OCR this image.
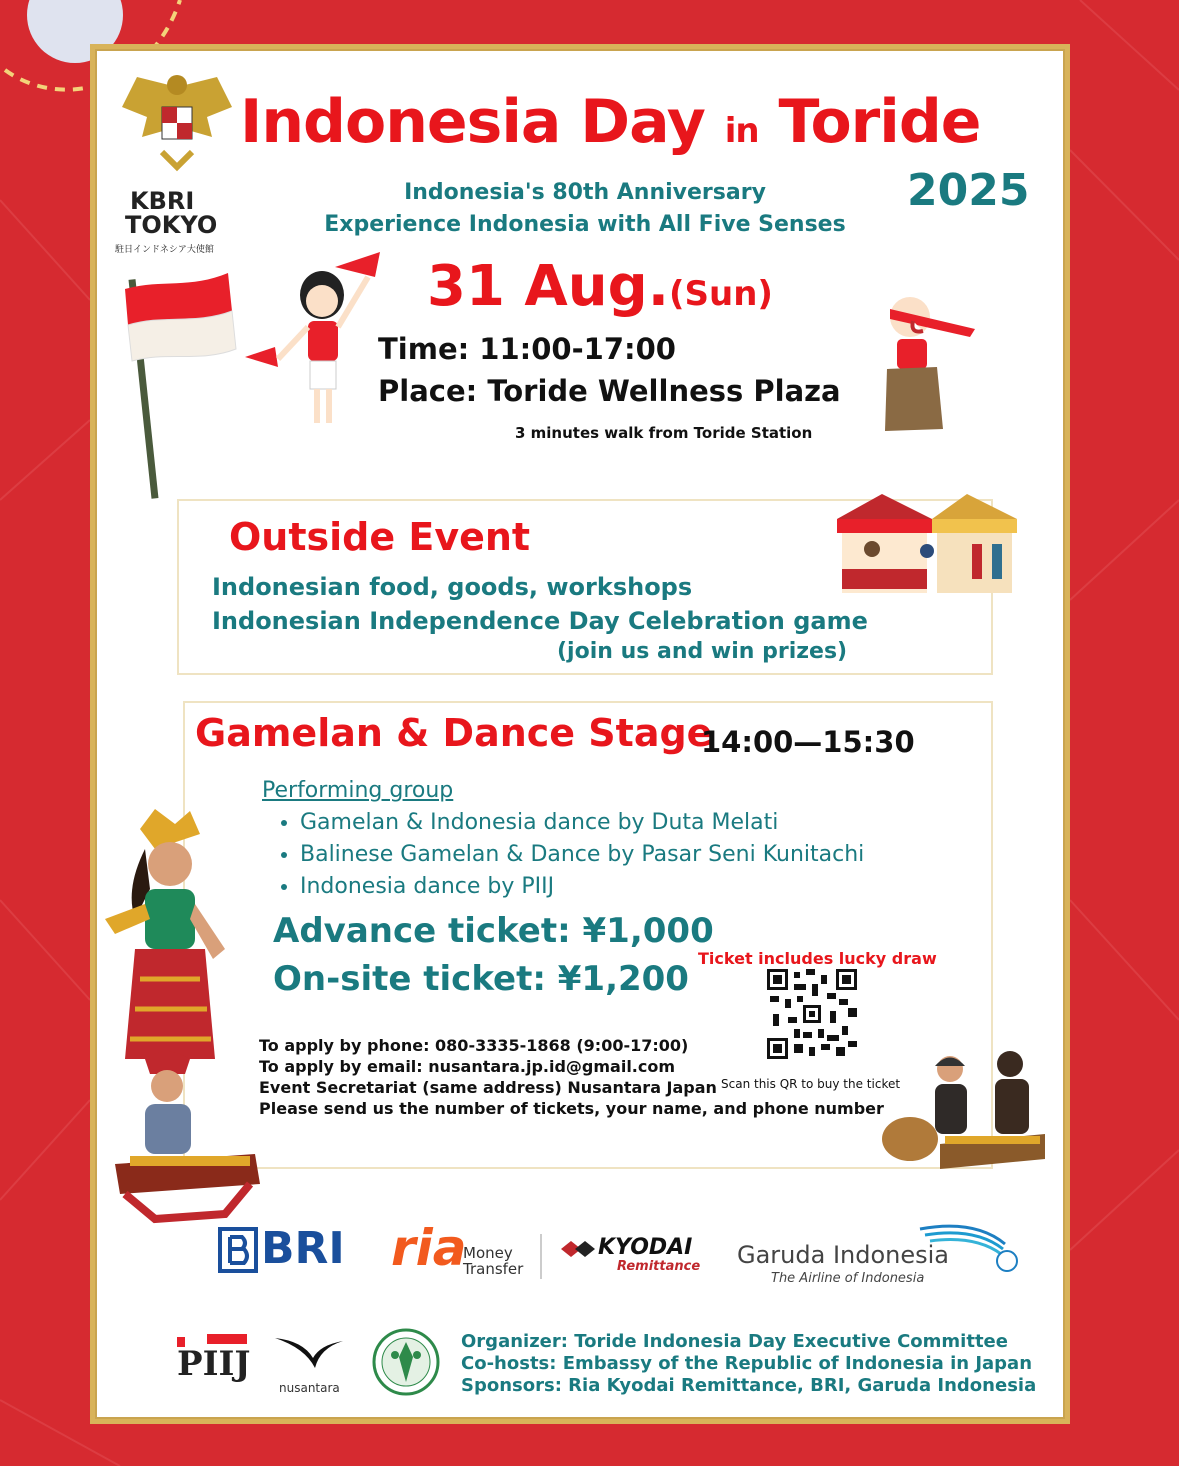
KBRI
TOKYO
駐日インドネシア大使館
Indonesia Day in Toride
2025
Indonesia's 80th Anniversary
Experience Indonesia with All Five Senses
31 Aug.(Sun)
Time: 11:00-17:00
Place: Toride Wellness Plaza
3 minutes walk from Toride Station
Outside Event
Indonesian food, goods, workshops
Indonesian Independence Day Celebration game
(join us and win prizes)
Gamelan & Dance Stage
14:00—15:30
Performing group
• Gamelan & Indonesia dance by Duta Melati
• Balinese Gamelan & Dance by Pasar Seni Kunitachi
• Indonesia dance by PIIJ
Advance ticket: ¥1,000
On-site ticket: ¥1,200
Ticket includes lucky draw
To apply by phone: 080-3335-1868 (9:00-17:00)
To apply by email: nusantara.jp.id@gmail.com
Event Secretariat (same address) Nusantara Japan
Please send us the number of tickets, your name, and phone number
Scan this QR to buy the ticket
BRI ria
Money
Transfer
KYODAI
Remittance Garuda Indonesia
The Airline of Indonesia
PIIJ
nusantara
Organizer: Toride Indonesia Day Executive Committee
Co-hosts: Embassy of the Republic of Indonesia in Japan
Sponsors: Ria Kyodai Remittance, BRI, Garuda Indonesia
